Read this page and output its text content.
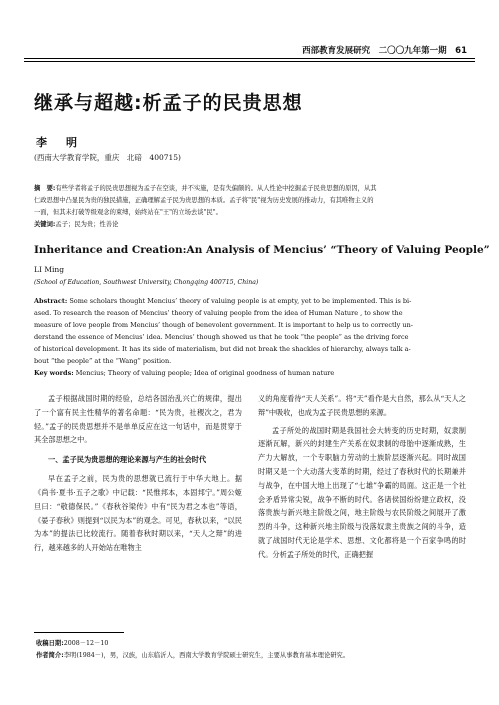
西部教育发展研究　二〇〇九年第一期　61
继承与超越:析孟子的民贵思想
李　明
(西南大学教育学院，重庆　北碚　400715)
摘　要:有些学者将孟子的民贵思想视为孟子在空谈，并不实施，是有失偏颇的。从人性论中挖掘孟子民贵思想的原因，从其
仁政思想中凸显民为贵的独民措施，正确理解孟子民为贵思想的本质。孟子将"民"视为历史发展的推动力，有其唯物主义的
一面，但其未打破等级观念的束缚，始终站在"王"的立场去谈"民"。
关键词:孟子；民为贵；性善论
Inheritance and Creation:An Analysis of Mencius’ “Theory of Valuing People”
LI Ming
(School of Education, Southwest University, Chongqing 400715, China)
Abstract: Some scholars thought Mencius’ theory of valuing people is at empty, yet to be implemented. This is bi-
ased. To research the reason of Mencius’ theory of valuing people from the idea of Human Nature , to show the
measure of love people from Mencius’ though of benevolent government. It is important to help us to correctly un-
derstand the essence of Mencius’ idea. Mencius’ though showed us that he took “the people” as the driving force
of historical development. It has its side of materialism, but did not break the shackles of hierarchy, always talk a-
bout “the people” at the “Wang” position.
Key words: Mencius; Theory of valuing people; Idea of original goodness of human nature

孟子根据战国时期的经验，总结各国治乱兴亡的规律，提出了一个富有民主性精华的著名命题：“民为贵，社稷次之，君为轻。”孟子的民贵思想并不是单单反应在这一句话中，而是贯穿于其全部思想之中。

一、孟子民为贵思想的理论来源与产生的社会时代

早在孟子之前，民为贵的思想就已流行于中华大地上。据《尚书·夏书·五子之歌》中记载：“民惟邦本，本固邦宁。”周公姬旦曰：“敬德保民。”《春秋谷梁传》中有“民为君之本也”等语，《晏子春秋》则提到“以民为本”的观念。可见，春秋以来，“以民为本”的提法已比较流行。随着春秋时期以来，“天人之辩”的进行，越来越多的人开始站在唯物主

义的角度看待“天人关系”。将“天”看作是大自然，那么从“天人之辩”中吸收，也成为孟子民贵思想的来源。

孟子所处的战国时期是我国社会大转变的历史时期，奴隶制逐渐瓦解，新兴的封建生产关系在奴隶制的母胎中逐渐成熟，生产力大解放，一个专职脑力劳动的士族阶层逐渐兴起。同时战国时期又是一个大动荡大变革的时期，经过了春秋时代的长期兼并与战争，在中国大地上出现了“七雄”争霸的局面。这正是一个社会矛盾异常尖锐，战争不断的时代。各诸侯国纷纷建立政权，没落贵族与新兴地主阶级之间，地主阶级与农民阶级之间展开了激烈的斗争，这种新兴地主阶级与没落奴隶主贵族之间的斗争，造就了战国时代无论是学术、思想、文化都将是一个百家争鸣的时代。分析孟子所处的时代，正确把握

收稿日期:2008－12－10
作者简介:李明(1984－)，男，汉族，山东临沂人，西南大学教育学院硕士研究生，主要从事教育基本理论研究。
